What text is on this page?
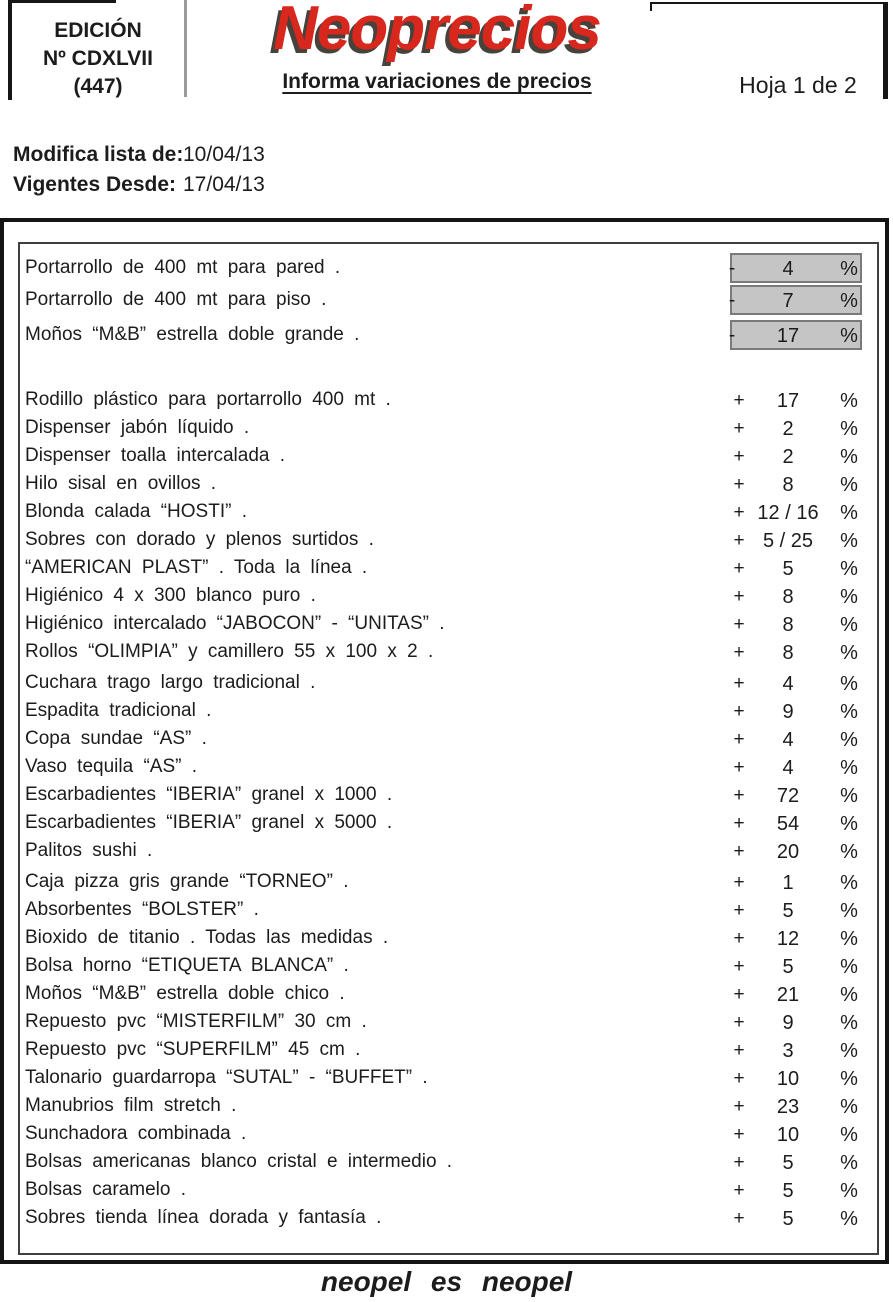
EDICIÓN
Nº CDXLVII
(447)
Neoprecios
Informa variaciones de precios	Hoja 1 de 2
Modifica lista de: 10/04/13
Vigentes Desde: 17/04/13
Portarrollo de 400 mt para pared .	-	4	%
Portarrollo de 400 mt para piso .	-	7	%
Moños “M&B” estrella doble grande .	-	17	%
Rodillo plástico para portarrollo 400 mt .	+	17	%
Dispenser jabón líquido .	+	2	%
Dispenser toalla intercalada .	+	2	%
Hilo sisal en ovillos .	+	8	%
Blonda calada “HOSTI” .	+ 12 / 16	%
Sobres con dorado y plenos surtidos .	+ 5 / 25	%
“AMERICAN PLAST” . Toda la línea .	+	5	%
Higiénico 4 x 300 blanco puro .	+	8	%
Higiénico intercalado “JABOCON” - “UNITAS” .	+	8	%
Rollos “OLIMPIA” y camillero 55 x 100 x 2 .	+	8	%
Cuchara trago largo tradicional .	+	4	%
Espadita tradicional .	+	9	%
Copa sundae “AS” .	+	4	%
Vaso tequila “AS” .	+	4	%
Escarbadientes “IBERIA” granel x 1000 .	+	72	%
Escarbadientes “IBERIA” granel x 5000 .	+	54	%
Palitos sushi .	+	20	%
Caja pizza gris grande “TORNEO” .	+	1	%
Absorbentes “BOLSTER” .	+	5	%
Bioxido de titanio . Todas las medidas .	+	12	%
Bolsa horno “ETIQUETA BLANCA” .	+	5	%
Moños “M&B” estrella doble chico .	+	21	%
Repuesto pvc “MISTERFILM” 30 cm .	+	9	%
Repuesto pvc “SUPERFILM” 45 cm .	+	3	%
Talonario guardarropa “SUTAL” - “BUFFET” .	+	10	%
Manubrios film stretch .	+	23	%
Sunchadora combinada .	+	10	%
Bolsas americanas blanco cristal e intermedio .	+	5	%
Bolsas caramelo .	+	5	%
Sobres tienda línea dorada y fantasía .	+	5	%
neopel es neopel
